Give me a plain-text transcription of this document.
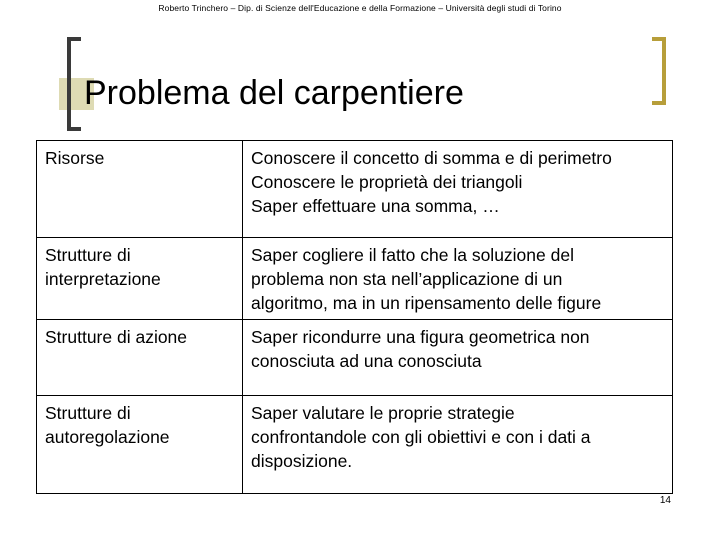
Roberto Trinchero – Dip. di Scienze dell'Educazione e della Formazione – Università degli studi di Torino
Problema del carpentiere
Risorse	Conoscere il concetto di somma e di perimetro
Conoscere le proprietà dei triangoli
Saper effettuare una somma, …

Strutture di interpretazione	Saper cogliere il fatto che la soluzione del
problema non sta nell’applicazione di un
algoritmo, ma in un ripensamento delle figure

Strutture di azione	Saper ricondurre una figura geometrica non
conosciuta ad una conosciuta

Strutture di autoregolazione	Saper valutare le proprie strategie
confrontandole con gli obiettivi e con i dati a
disposizione.
14
